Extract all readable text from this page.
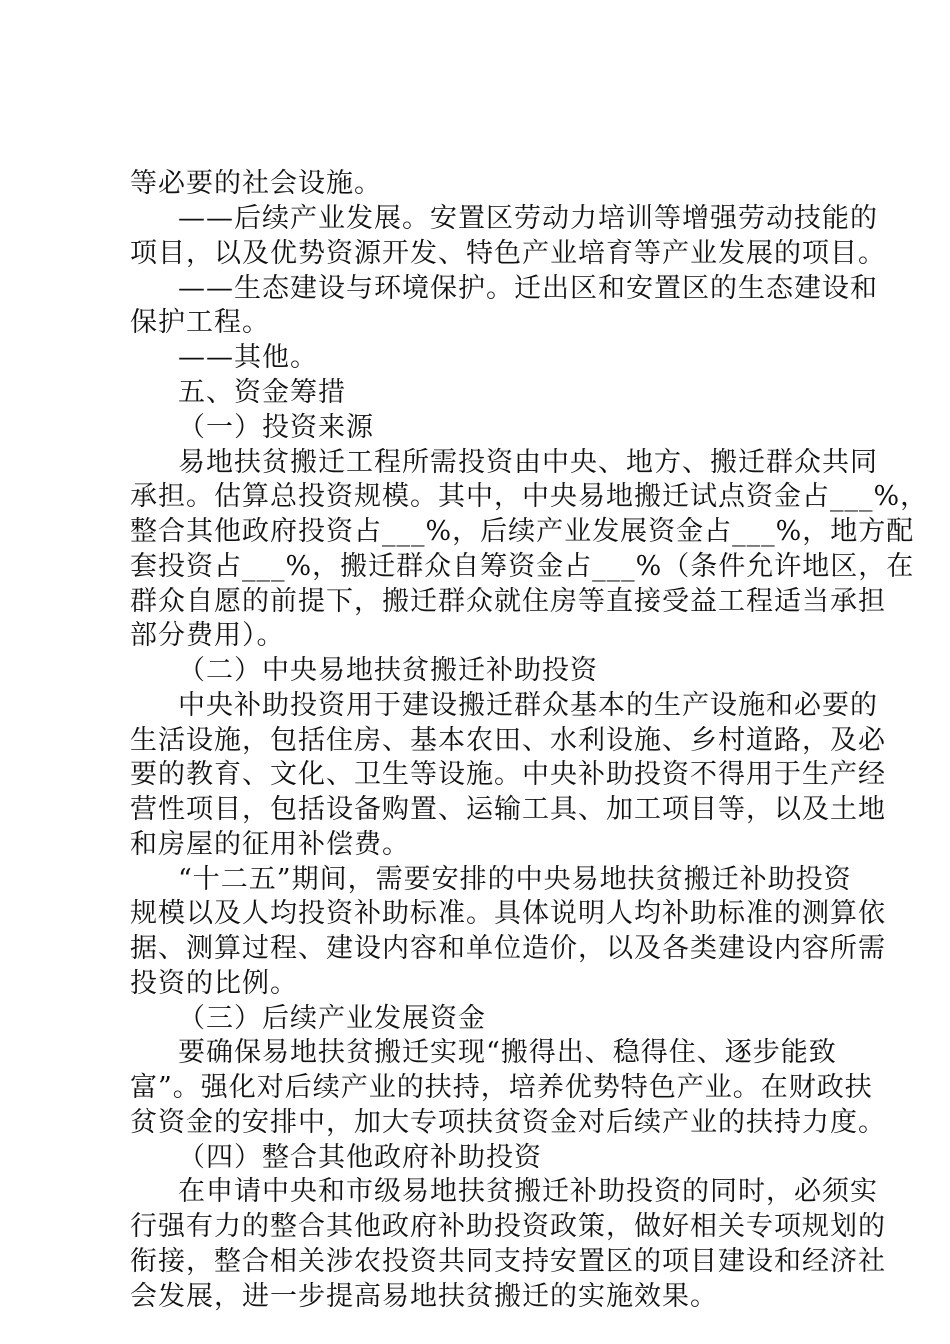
等必要的社会设施。
——后续产业发展。安置区劳动力培训等增强劳动技能的
项目，以及优势资源开发、特色产业培育等产业发展的项目。
——生态建设与环境保护。迁出区和安置区的生态建设和
保护工程。
——其他。
五、资金筹措
（一）投资来源
易地扶贫搬迁工程所需投资由中央、地方、搬迁群众共同
承担。估算总投资规模。其中，中央易地搬迁试点资金占___%，
整合其他政府投资占___%，后续产业发展资金占___%，地方配
套投资占___%，搬迁群众自筹资金占___%（条件允许地区，在
群众自愿的前提下，搬迁群众就住房等直接受益工程适当承担
部分费用）。
（二）中央易地扶贫搬迁补助投资
中央补助投资用于建设搬迁群众基本的生产设施和必要的
生活设施，包括住房、基本农田、水利设施、乡村道路，及必
要的教育、文化、卫生等设施。中央补助投资不得用于生产经
营性项目，包括设备购置、运输工具、加工项目等，以及土地
和房屋的征用补偿费。
“十二五”期间，需要安排的中央易地扶贫搬迁补助投资
规模以及人均投资补助标准。具体说明人均补助标准的测算依
据、测算过程、建设内容和单位造价，以及各类建设内容所需
投资的比例。
（三）后续产业发展资金
要确保易地扶贫搬迁实现“搬得出、稳得住、逐步能致
富”。强化对后续产业的扶持，培养优势特色产业。在财政扶
贫资金的安排中，加大专项扶贫资金对后续产业的扶持力度。
（四）整合其他政府补助投资
在申请中央和市级易地扶贫搬迁补助投资的同时，必须实
行强有力的整合其他政府补助投资政策，做好相关专项规划的
衔接，整合相关涉农投资共同支持安置区的项目建设和经济社
会发展，进一步提高易地扶贫搬迁的实施效果。
